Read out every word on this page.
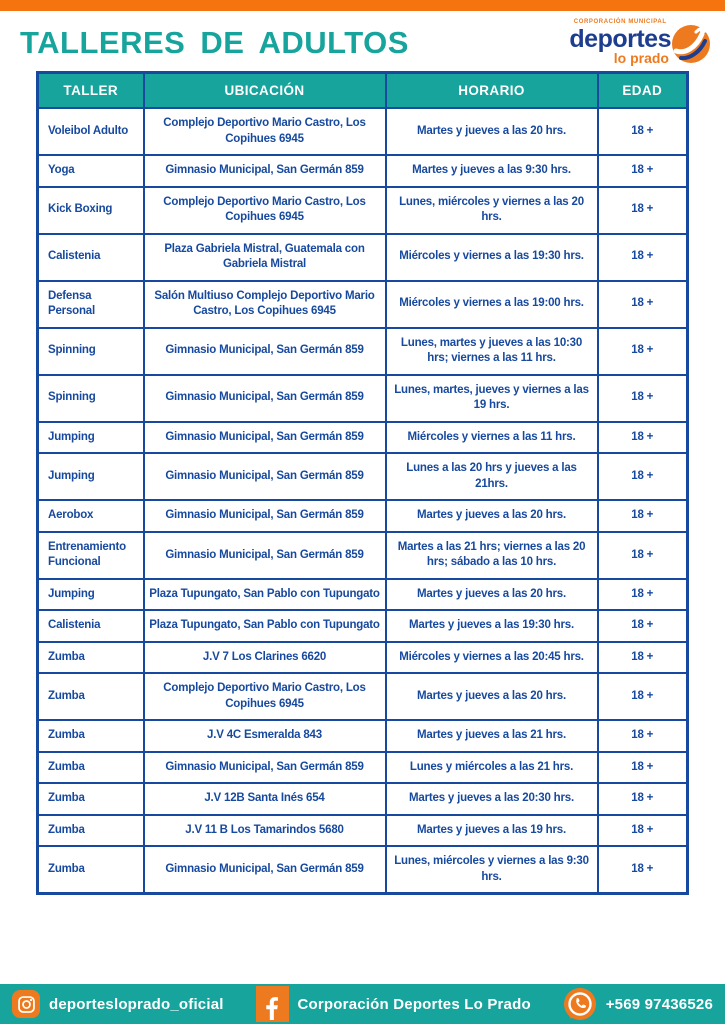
TALLERES DE ADULTOS
CORPORACIÓN MUNICIPAL
deportes
lo prado
TALLER	UBICACIÓN	HORARIO	EDAD
Voleibol Adulto	Complejo Deportivo Mario Castro, Los Copihues 6945	Martes y jueves a las 20 hrs.	18 +
Yoga	Gimnasio Municipal, San Germán 859	Martes y jueves a las 9:30 hrs.	18 +
Kick Boxing	Complejo Deportivo Mario Castro, Los Copihues 6945	Lunes, miércoles y viernes a las 20 hrs.	18 +
Calistenia	Plaza Gabriela Mistral, Guatemala con Gabriela Mistral	Miércoles y viernes a las 19:30 hrs.	18 +
Defensa Personal	Salón Multiuso Complejo Deportivo Mario Castro, Los Copihues 6945	Miércoles y viernes a las 19:00 hrs.	18 +
Spinning	Gimnasio Municipal, San Germán 859	Lunes, martes y jueves a las 10:30 hrs; viernes a las 11 hrs.	18 +
Spinning	Gimnasio Municipal, San Germán 859	Lunes, martes, jueves y viernes a las 19 hrs.	18 +
Jumping	Gimnasio Municipal, San Germán 859	Miércoles y viernes a las 11 hrs.	18 +
Jumping	Gimnasio Municipal, San Germán 859	Lunes a las 20 hrs y jueves a las 21hrs.	18 +
Aerobox	Gimnasio Municipal, San Germán 859	Martes y jueves a las 20 hrs.	18 +
Entrenamiento Funcional	Gimnasio Municipal, San Germán 859	Martes a las 21 hrs; viernes a las 20 hrs; sábado a las 10 hrs.	18 +
Jumping	Plaza Tupungato, San Pablo con Tupungato	Martes y jueves a las 20 hrs.	18 +
Calistenia	Plaza Tupungato, San Pablo con Tupungato	Martes y jueves a las 19:30 hrs.	18 +
Zumba	J.V 7 Los Clarines 6620	Miércoles y viernes a las 20:45 hrs.	18 +
Zumba	Complejo Deportivo Mario Castro, Los Copihues 6945	Martes y jueves a las 20 hrs.	18 +
Zumba	J.V 4C Esmeralda 843	Martes y jueves a las 21 hrs.	18 +
Zumba	Gimnasio Municipal, San Germán 859	Lunes y miércoles a las 21 hrs.	18 +
Zumba	J.V 12B Santa Inés 654	Martes y jueves a las 20:30 hrs.	18 +
Zumba	J.V 11 B Los Tamarindos 5680	Martes y jueves a las 19 hrs.	18 +
Zumba	Gimnasio Municipal, San Germán 859	Lunes, miércoles y viernes a las 9:30 hrs.	18 +
deportesloprado_oficial	Corporación Deportes Lo Prado	+569 97436526
